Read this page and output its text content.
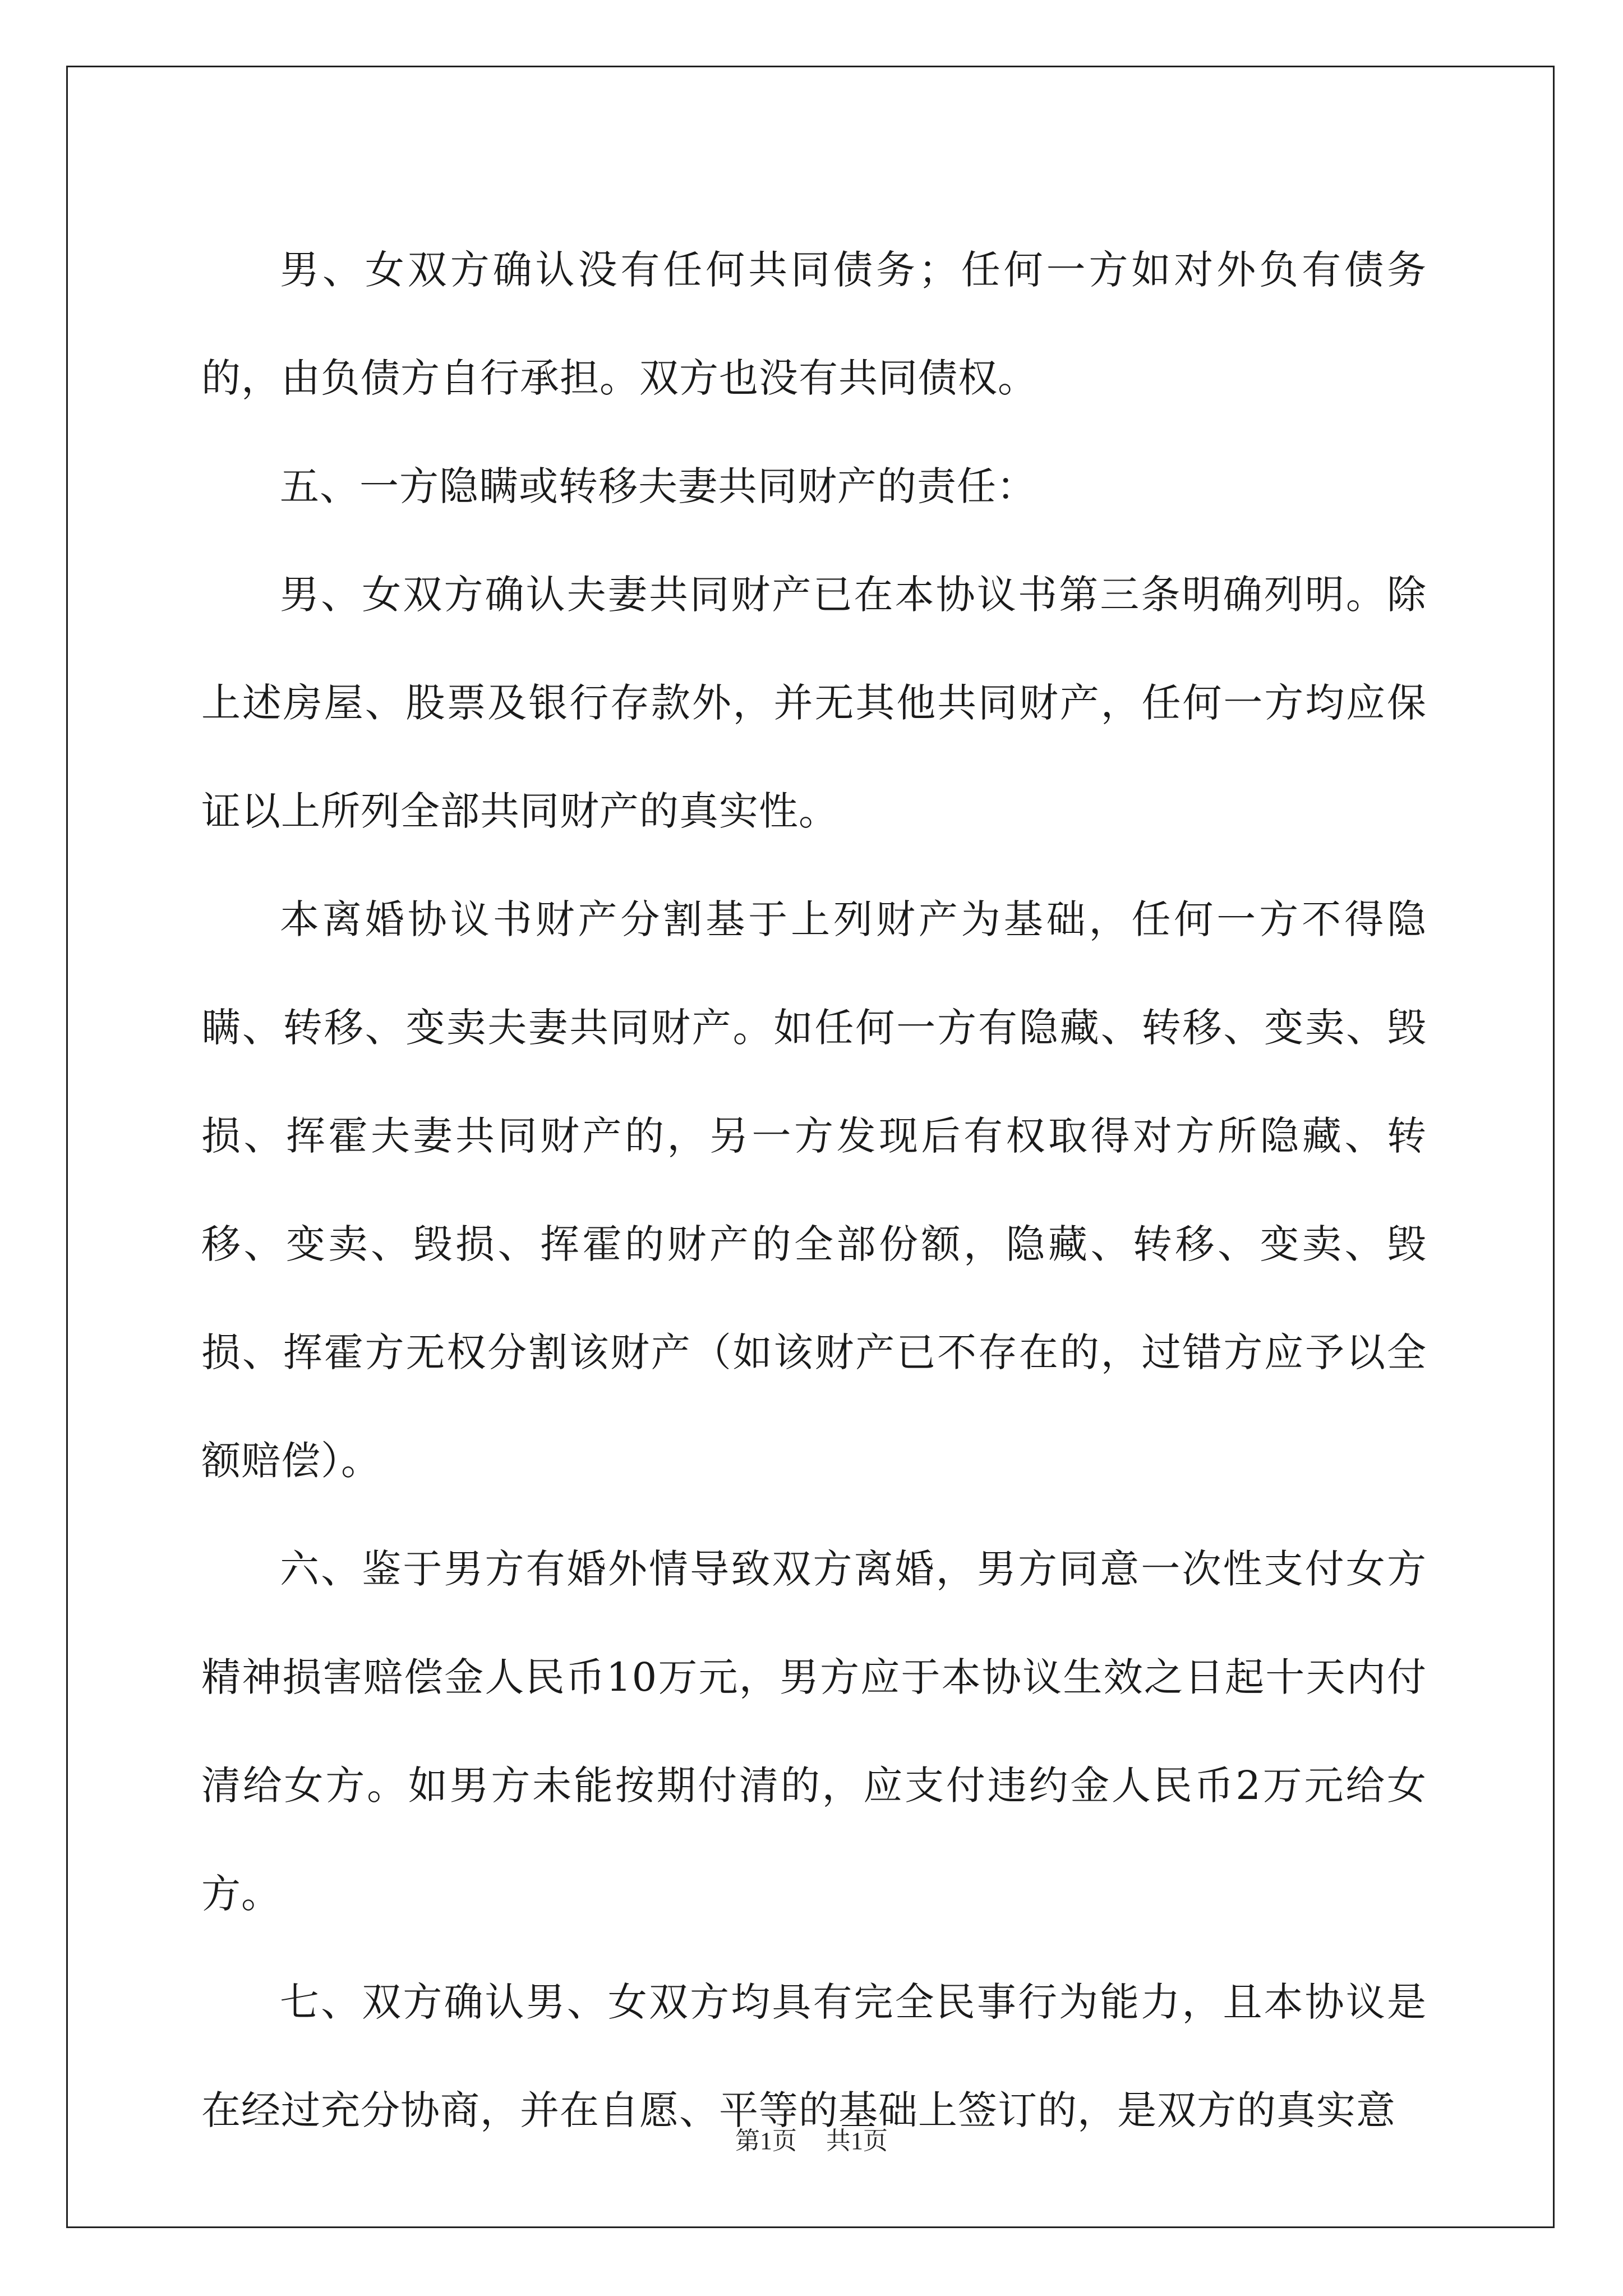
男、女双方确认没有任何共同债务；任何一方如对外负有债务的，由负债方自行承担。双方也没有共同债权。

五、一方隐瞒或转移夫妻共同财产的责任：

男、女双方确认夫妻共同财产已在本协议书第三条明确列明。除上述房屋、股票及银行存款外，并无其他共同财产，任何一方均应保证以上所列全部共同财产的真实性。

本离婚协议书财产分割基于上列财产为基础，任何一方不得隐瞒、转移、变卖夫妻共同财产。如任何一方有隐藏、转移、变卖、毁损、挥霍夫妻共同财产的，另一方发现后有权取得对方所隐藏、转移、变卖、毁损、挥霍的财产的全部份额，隐藏、转移、变卖、毁损、挥霍方无权分割该财产（如该财产已不存在的，过错方应予以全额赔偿）。

六、鉴于男方有婚外情导致双方离婚，男方同意一次性支付女方精神损害赔偿金人民币10万元，男方应于本协议生效之日起十天内付清给女方。如男方未能按期付清的，应支付违约金人民币2万元给女方。

七、双方确认男、女双方均具有完全民事行为能力，且本协议是在经过充分协商，并在自愿、平等的基础上签订的，是双方的真实意

第1页 共1页
